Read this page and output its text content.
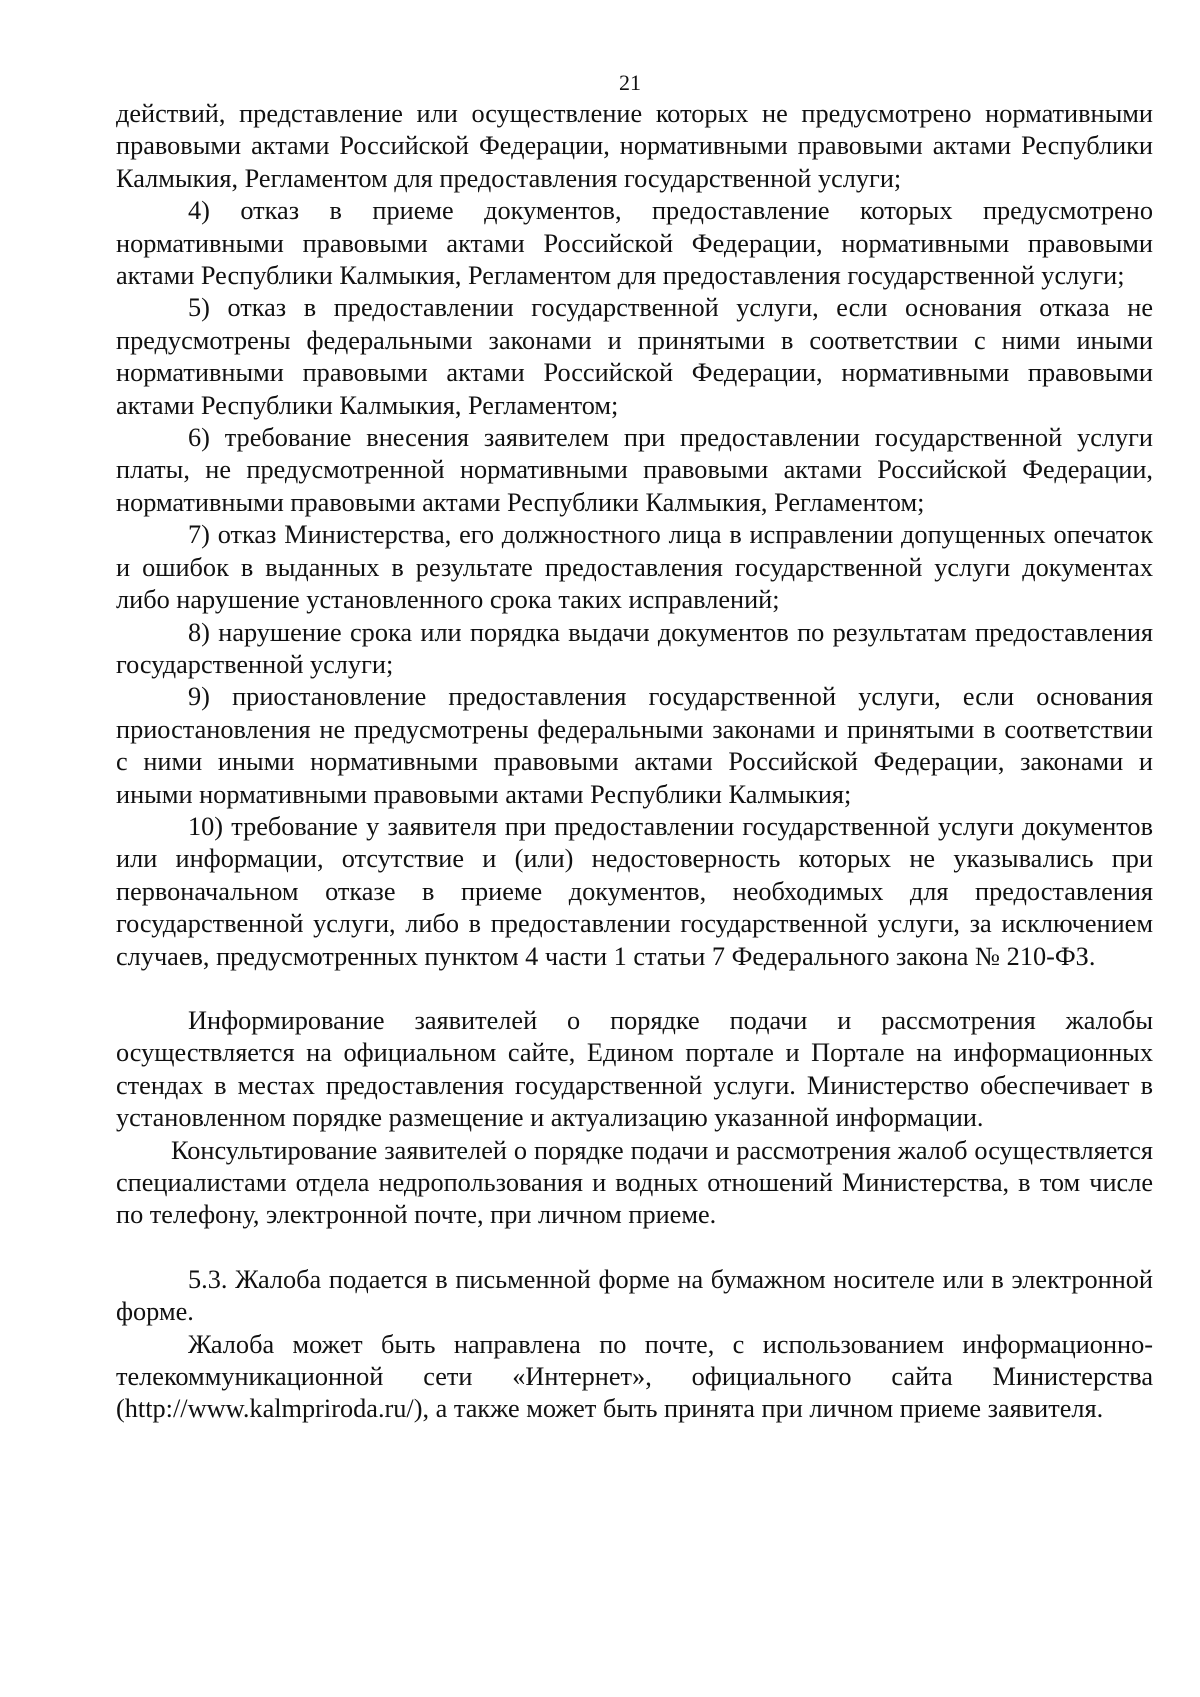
21

действий, представление или осуществление которых не предусмотрено нормативными правовыми актами Российской Федерации, нормативными правовыми актами Республики Калмыкия, Регламентом для предоставления государственной услуги;

4) отказ в приеме документов, предоставление которых предусмотрено нормативными правовыми актами Российской Федерации, нормативными правовыми актами Республики Калмыкия, Регламентом для предоставления государственной услуги;

5) отказ в предоставлении государственной услуги, если основания отказа не предусмотрены федеральными законами и принятыми в соответствии с ними иными нормативными правовыми актами Российской Федерации, нормативными правовыми актами Республики Калмыкия, Регламентом;

6) требование внесения заявителем при предоставлении государственной услуги платы, не предусмотренной нормативными правовыми актами Российской Федерации, нормативными правовыми актами Республики Калмыкия, Регламентом;

7) отказ Министерства, его должностного лица в исправлении допущенных опечаток и ошибок в выданных в результате предоставления государственной услуги документах либо нарушение установленного срока таких исправлений;

8) нарушение срока или порядка выдачи документов по результатам предоставления государственной услуги;

9) приостановление предоставления государственной услуги, если основания приостановления не предусмотрены федеральными законами и принятыми в соответствии с ними иными нормативными правовыми актами Российской Федерации, законами и иными нормативными правовыми актами Республики Калмыкия;

10) требование у заявителя при предоставлении государственной услуги документов или информации, отсутствие и (или) недостоверность которых не указывались при первоначальном отказе в приеме документов, необходимых для предоставления государственной услуги, либо в предоставлении государственной услуги, за исключением случаев, предусмотренных пунктом 4 части 1 статьи 7 Федерального закона № 210-ФЗ.

Информирование заявителей о порядке подачи и рассмотрения жалобы осуществляется на официальном сайте, Едином портале и Портале на информационных стендах в местах предоставления государственной услуги. Министерство обеспечивает в установленном порядке размещение и актуализацию указанной информации.

Консультирование заявителей о порядке подачи и рассмотрения жалоб осуществляется специалистами отдела недропользования и водных отношений Министерства, в том числе по телефону, электронной почте, при личном приеме.

5.3. Жалоба подается в письменной форме на бумажном носителе или в электронной форме.

Жалоба может быть направлена по почте, с использованием информационно-телекоммуникационной сети «Интернет», официального сайта Министерства (http://www.kalmpriroda.ru/), а также может быть принята при личном приеме заявителя.
